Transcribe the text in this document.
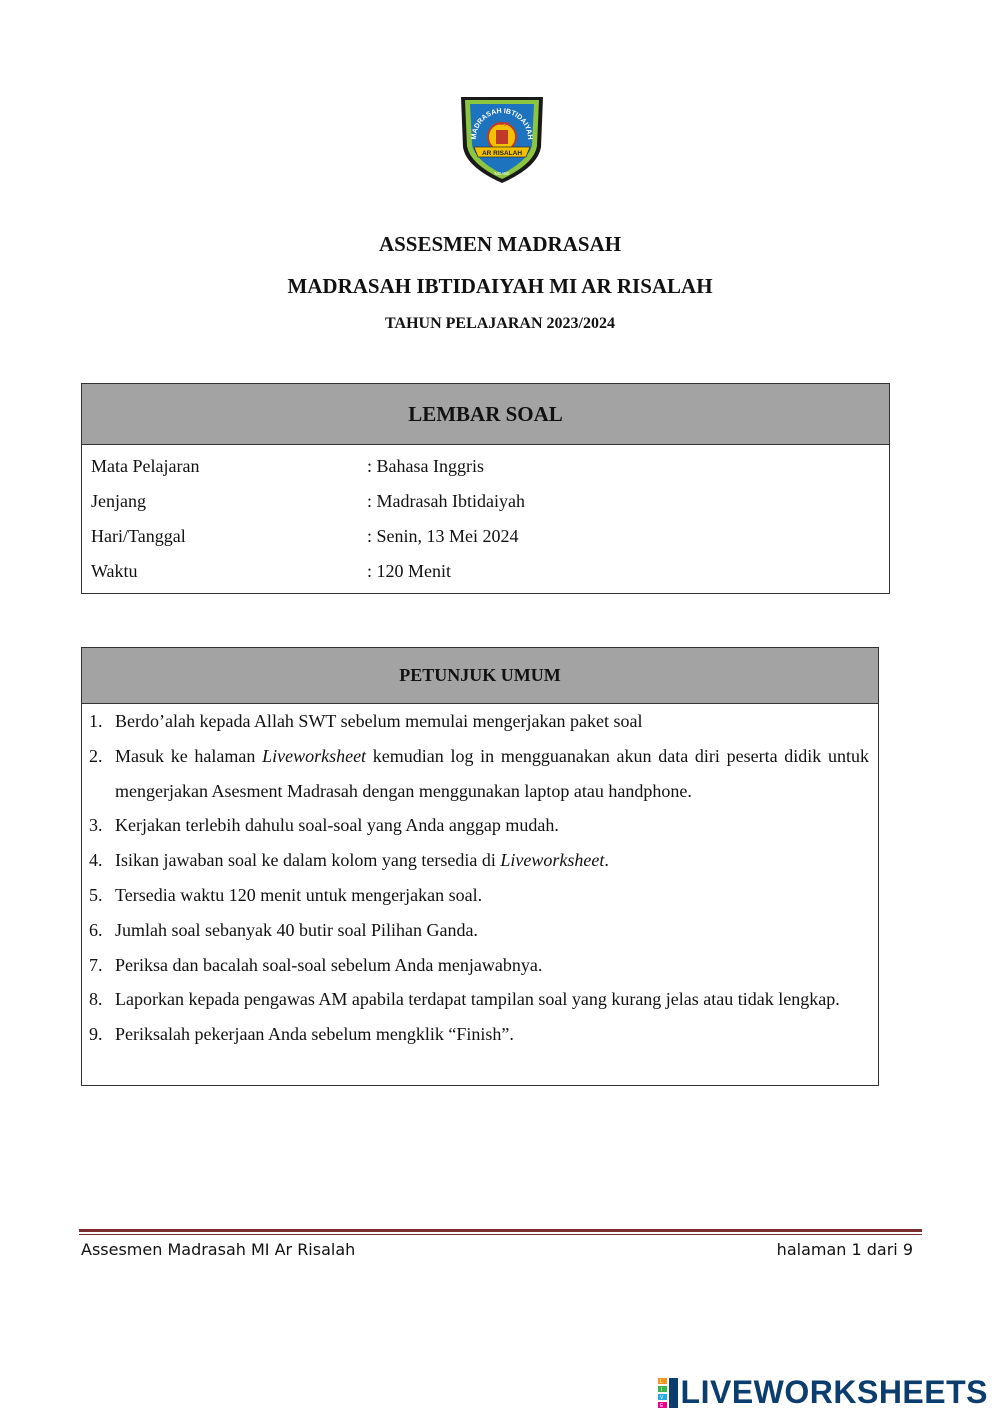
MADRASAH IBTIDAIYAH
الرسالة
AR RISALAH
NGAWI
ASSESMEN MADRASAH
MADRASAH IBTIDAIYAH MI AR RISALAH
TAHUN PELAJARAN 2023/2024
LEMBAR SOAL
Mata Pelajaran	: Bahasa Inggris
Jenjang	: Madrasah Ibtidaiyah
Hari/Tanggal	: Senin, 13 Mei 2024
Waktu	: 120 Menit
PETUNJUK UMUM
1. Berdo’alah kepada Allah SWT sebelum memulai mengerjakan paket soal
2. Masuk ke halaman Liveworksheet kemudian log in mengguanakan akun data diri peserta didik untuk mengerjakan Asesment Madrasah dengan menggunakan laptop atau handphone.
3. Kerjakan terlebih dahulu soal-soal yang Anda anggap mudah.
4. Isikan jawaban soal ke dalam kolom yang tersedia di Liveworksheet.
5. Tersedia waktu 120 menit untuk mengerjakan soal.
6. Jumlah soal sebanyak 40 butir soal Pilihan Ganda.
7. Periksa dan bacalah soal-soal sebelum Anda menjawabnya.
8. Laporkan kepada pengawas AM apabila terdapat tampilan soal yang kurang jelas atau tidak lengkap.
9. Periksalah pekerjaan Anda sebelum mengklik “Finish”.
Assesmen Madrasah MI Ar Risalah	halaman 1 dari 9
L
I
V
E LIVEWORKSHEETS
